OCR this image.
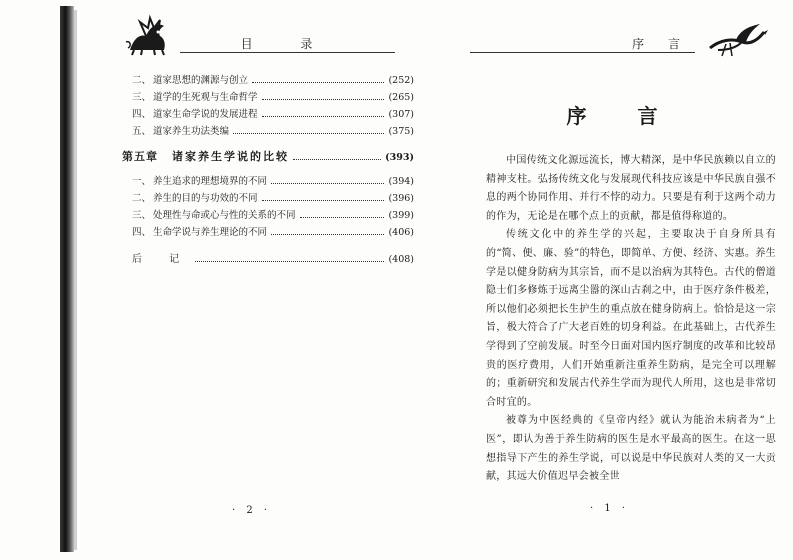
目 录
二、 道家思想的渊源与创立	(252)
三、 道学的生死观与生命哲学	(265)
四、 道家生命学说的发展进程	(307)
五、 道家养生功法类编	(375)
第五章 诸家养生学说的比较	(393)
一、 养生追求的理想境界的不同	(394)
二、 养生的目的与功效的不同	(396)
三、 处理性与命或心与性的关系的不同	(399)
四、 生命学说与养生理论的不同	(406)
后 记	(408)
· 2 ·
序 言
序 言

中国传统文化源远流长，博大精深，是中华民族赖以自立的精神支柱。弘扬传统文化与发展现代科技应该是中华民族自强不息的两个协同作用、并行不悖的动力。只要是有利于这两个动力的作为，无论是在哪个点上的贡献，都是值得称道的。

传统文化中的养生学的兴起，主要取决于自身所具有的“简、便、廉、验”的特色，即简单、方便、经济、实惠。养生学是以健身防病为其宗旨，而不是以治病为其特色。古代的僧道隐士们多修炼于远离尘嚣的深山古刹之中，由于医疗条件极差，所以他们必须把长生护生的重点放在健身防病上。恰恰是这一宗旨，极大符合了广大老百姓的切身利益。在此基础上，古代养生学得到了空前发展。时至今日面对国内医疗制度的改革和比较昂贵的医疗费用，人们开始重新注重养生防病，是完全可以理解的；重新研究和发展古代养生学而为现代人所用，这也是非常切合时宜的。

被尊为中医经典的《皇帝内经》就认为能治未病者为“上医”，即认为善于养生防病的医生是水平最高的医生。在这一思想指导下产生的养生学说，可以说是中华民族对人类的又一大贡献，其远大价值迟早会被全世

· 1 ·
